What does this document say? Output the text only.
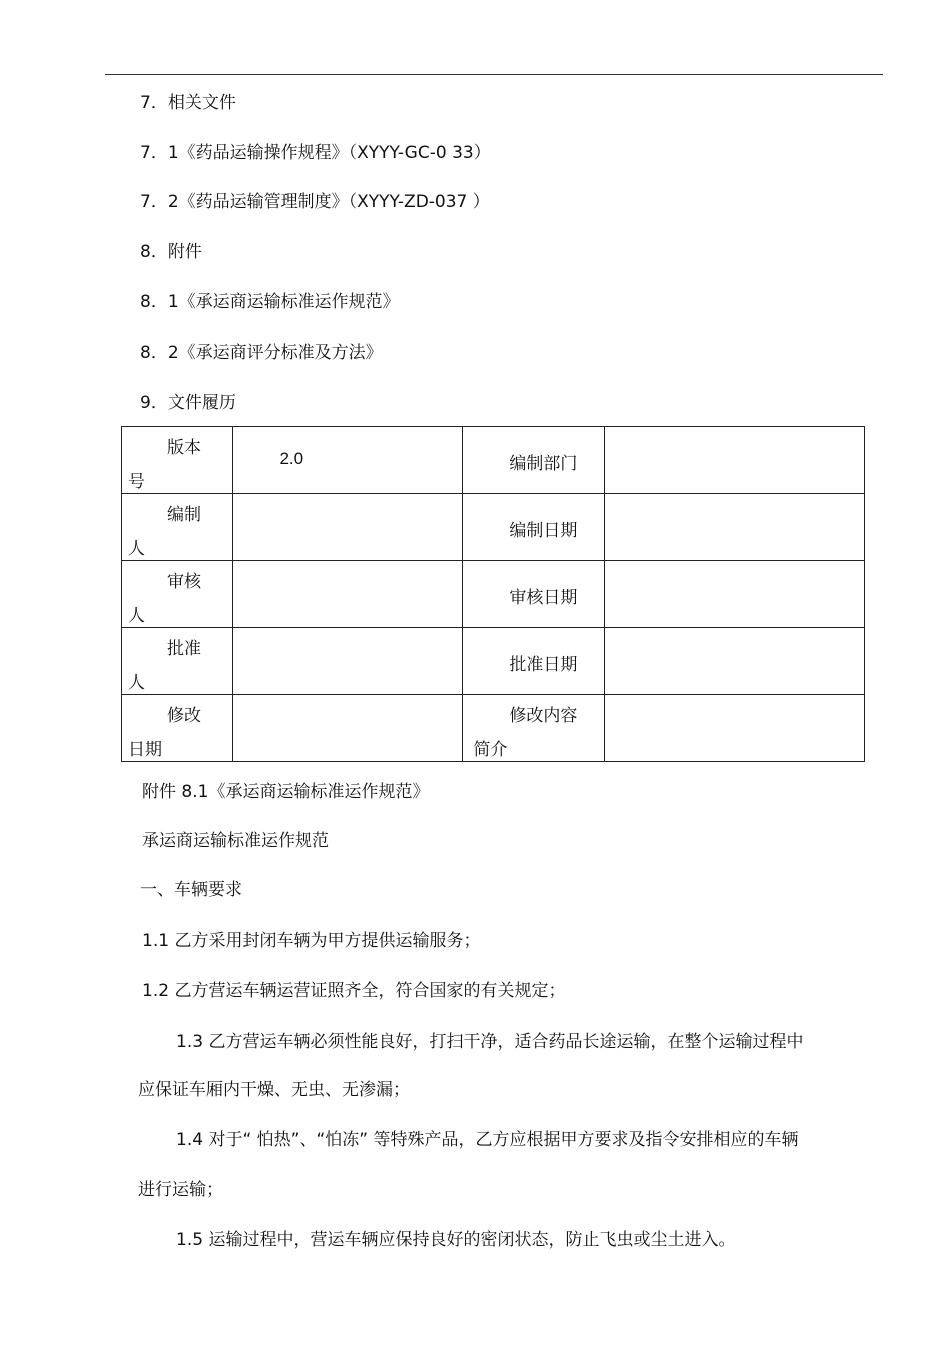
7．相关文件
7．1《药品运输操作规程》（XYYY-GC-0 33）
7．2《药品运输管理制度》（XYYY-ZD-037 ）
8．附件
8．1《承运商运输标准运作规范》
8．2《承运商评分标准及方法》
9．文件履历
版本
号	2.0	编制部门	

编制
人		编制日期	

审核
人		审核日期	

批准
人		批准日期	

修改
日期		修改内容
简介	

附件 8.1《承运商运输标准运作规范》
承运商运输标准运作规范
一、车辆要求
1.1 乙方采用封闭车辆为甲方提供运输服务；
1.2 乙方营运车辆运营证照齐全，符合国家的有关规定；
1.3 乙方营运车辆必须性能良好，打扫干净，适合药品长途运输，在整个运输过程中
应保证车厢内干燥、无虫、无渗漏；
1.4 对于“ 怕热”、“怕冻” 等特殊产品，乙方应根据甲方要求及指令安排相应的车辆
进行运输；
1.5 运输过程中，营运车辆应保持良好的密闭状态，防止飞虫或尘土进入。
